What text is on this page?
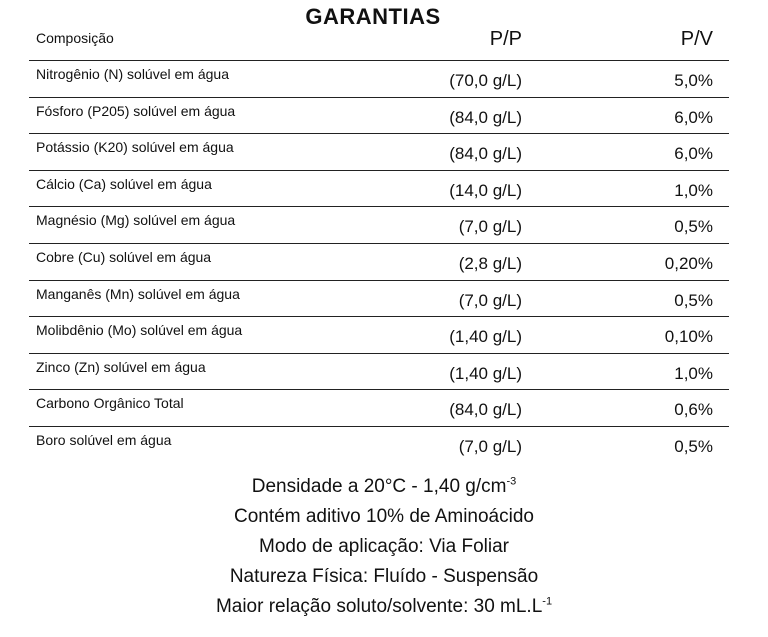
GARANTIAS
Composição	P/P	P/V
Nitrogênio (N) solúvel em água	(70,0 g/L)	5,0%
Fósforo (P205) solúvel em água	(84,0 g/L)	6,0%
Potássio (K20) solúvel em água	(84,0 g/L)	6,0%
Cálcio (Ca) solúvel em água	(14,0 g/L)	1,0%
Magnésio (Mg) solúvel em água	(7,0 g/L)	0,5%
Cobre (Cu) solúvel em água	(2,8 g/L)	0,20%
Manganês (Mn) solúvel em água	(7,0 g/L)	0,5%
Molibdênio (Mo) solúvel em água	(1,40 g/L)	0,10%
Zinco (Zn) solúvel em água	(1,40 g/L)	1,0%
Carbono Orgânico Total	(84,0 g/L)	0,6%
Boro solúvel em água	(7,0 g/L)	0,5%
Densidade a 20°C - 1,40 $g/cm^{-3}$
Contém aditivo 10% de Aminoácido
Modo de aplicação: Via Foliar
Natureza Física: Fluído - Suspensão
Maior relação soluto/solvente: 30 $mL.L^{-1}$
